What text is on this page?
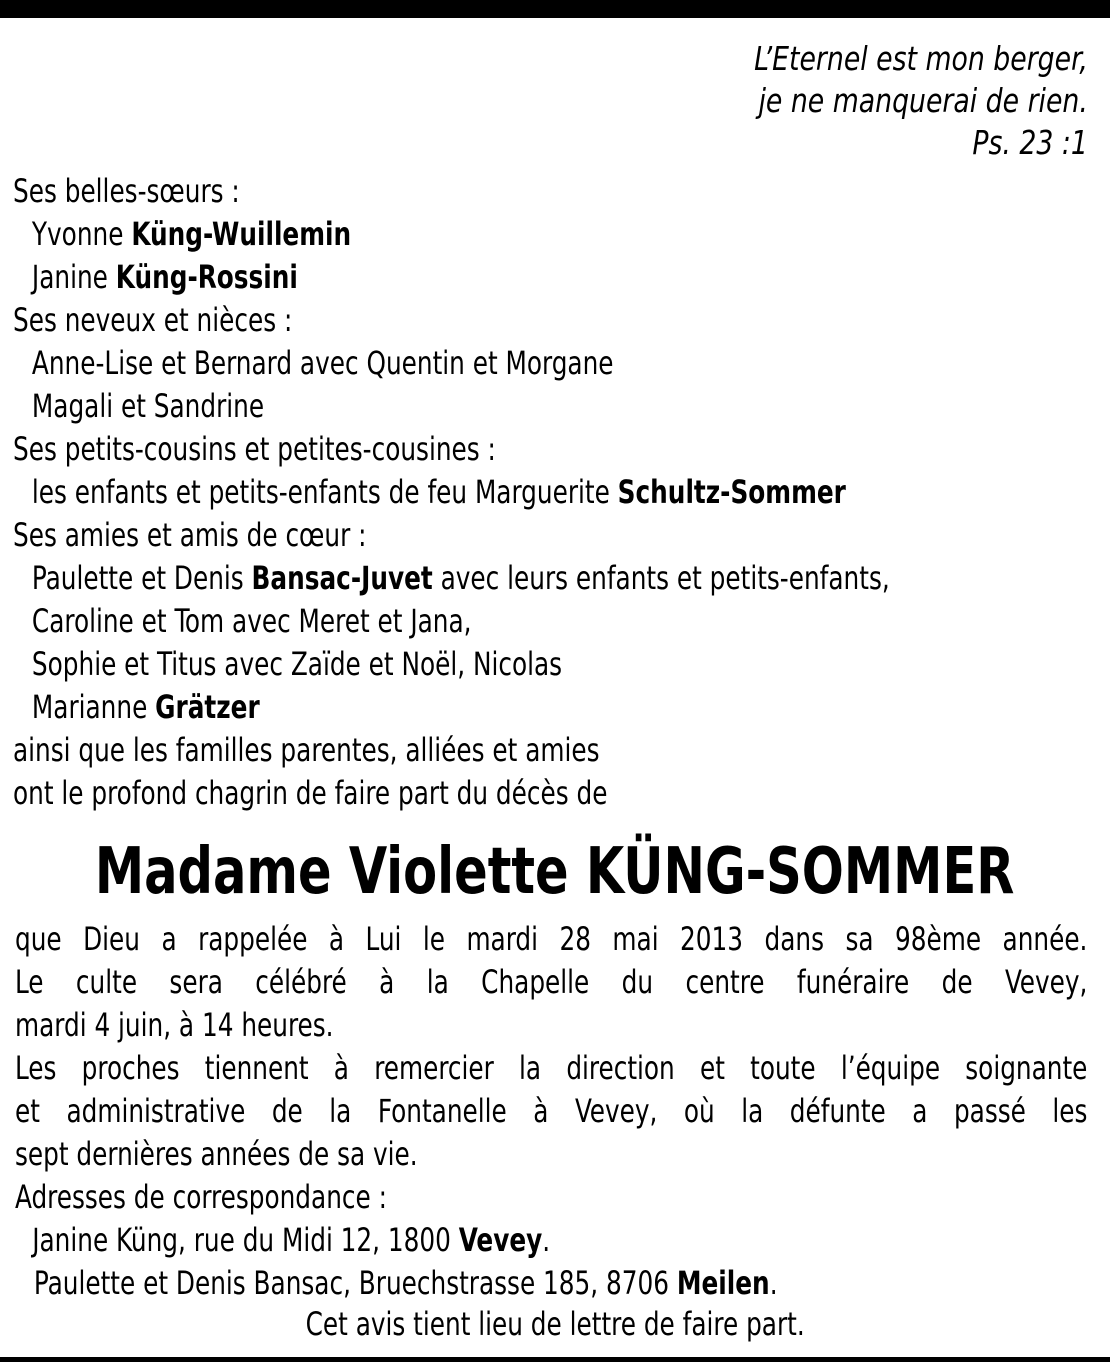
L’Eternel est mon berger,
je ne manquerai de rien.
Ps. 23 :1
Ses belles-sœurs :
Yvonne Küng-Wuillemin
Janine Küng-Rossini
Ses neveux et nièces :
Anne-Lise et Bernard avec Quentin et Morgane
Magali et Sandrine
Ses petits-cousins et petites-cousines :
les enfants et petits-enfants de feu Marguerite Schultz-Sommer
Ses amies et amis de cœur :
Paulette et Denis Bansac-Juvet avec leurs enfants et petits-enfants,
Caroline et Tom avec Meret et Jana,
Sophie et Titus avec Zaïde et Noël, Nicolas
Marianne Grätzer
ainsi que les familles parentes, alliées et amies
ont le profond chagrin de faire part du décès de
Madame Violette KÜNG-SOMMER
que Dieu a rappelée à Lui le mardi 28 mai 2013 dans sa 98ème année.
Le culte sera célébré à la Chapelle du centre funéraire de Vevey,
mardi 4 juin, à 14 heures.
Les proches tiennent à remercier la direction et toute l’équipe soignante
et administrative de la Fontanelle à Vevey, où la défunte a passé les
sept dernières années de sa vie.
Adresses de correspondance :
Janine Küng, rue du Midi 12, 1800 Vevey.
Paulette et Denis Bansac, Bruechstrasse 185, 8706 Meilen.
Cet avis tient lieu de lettre de faire part.
